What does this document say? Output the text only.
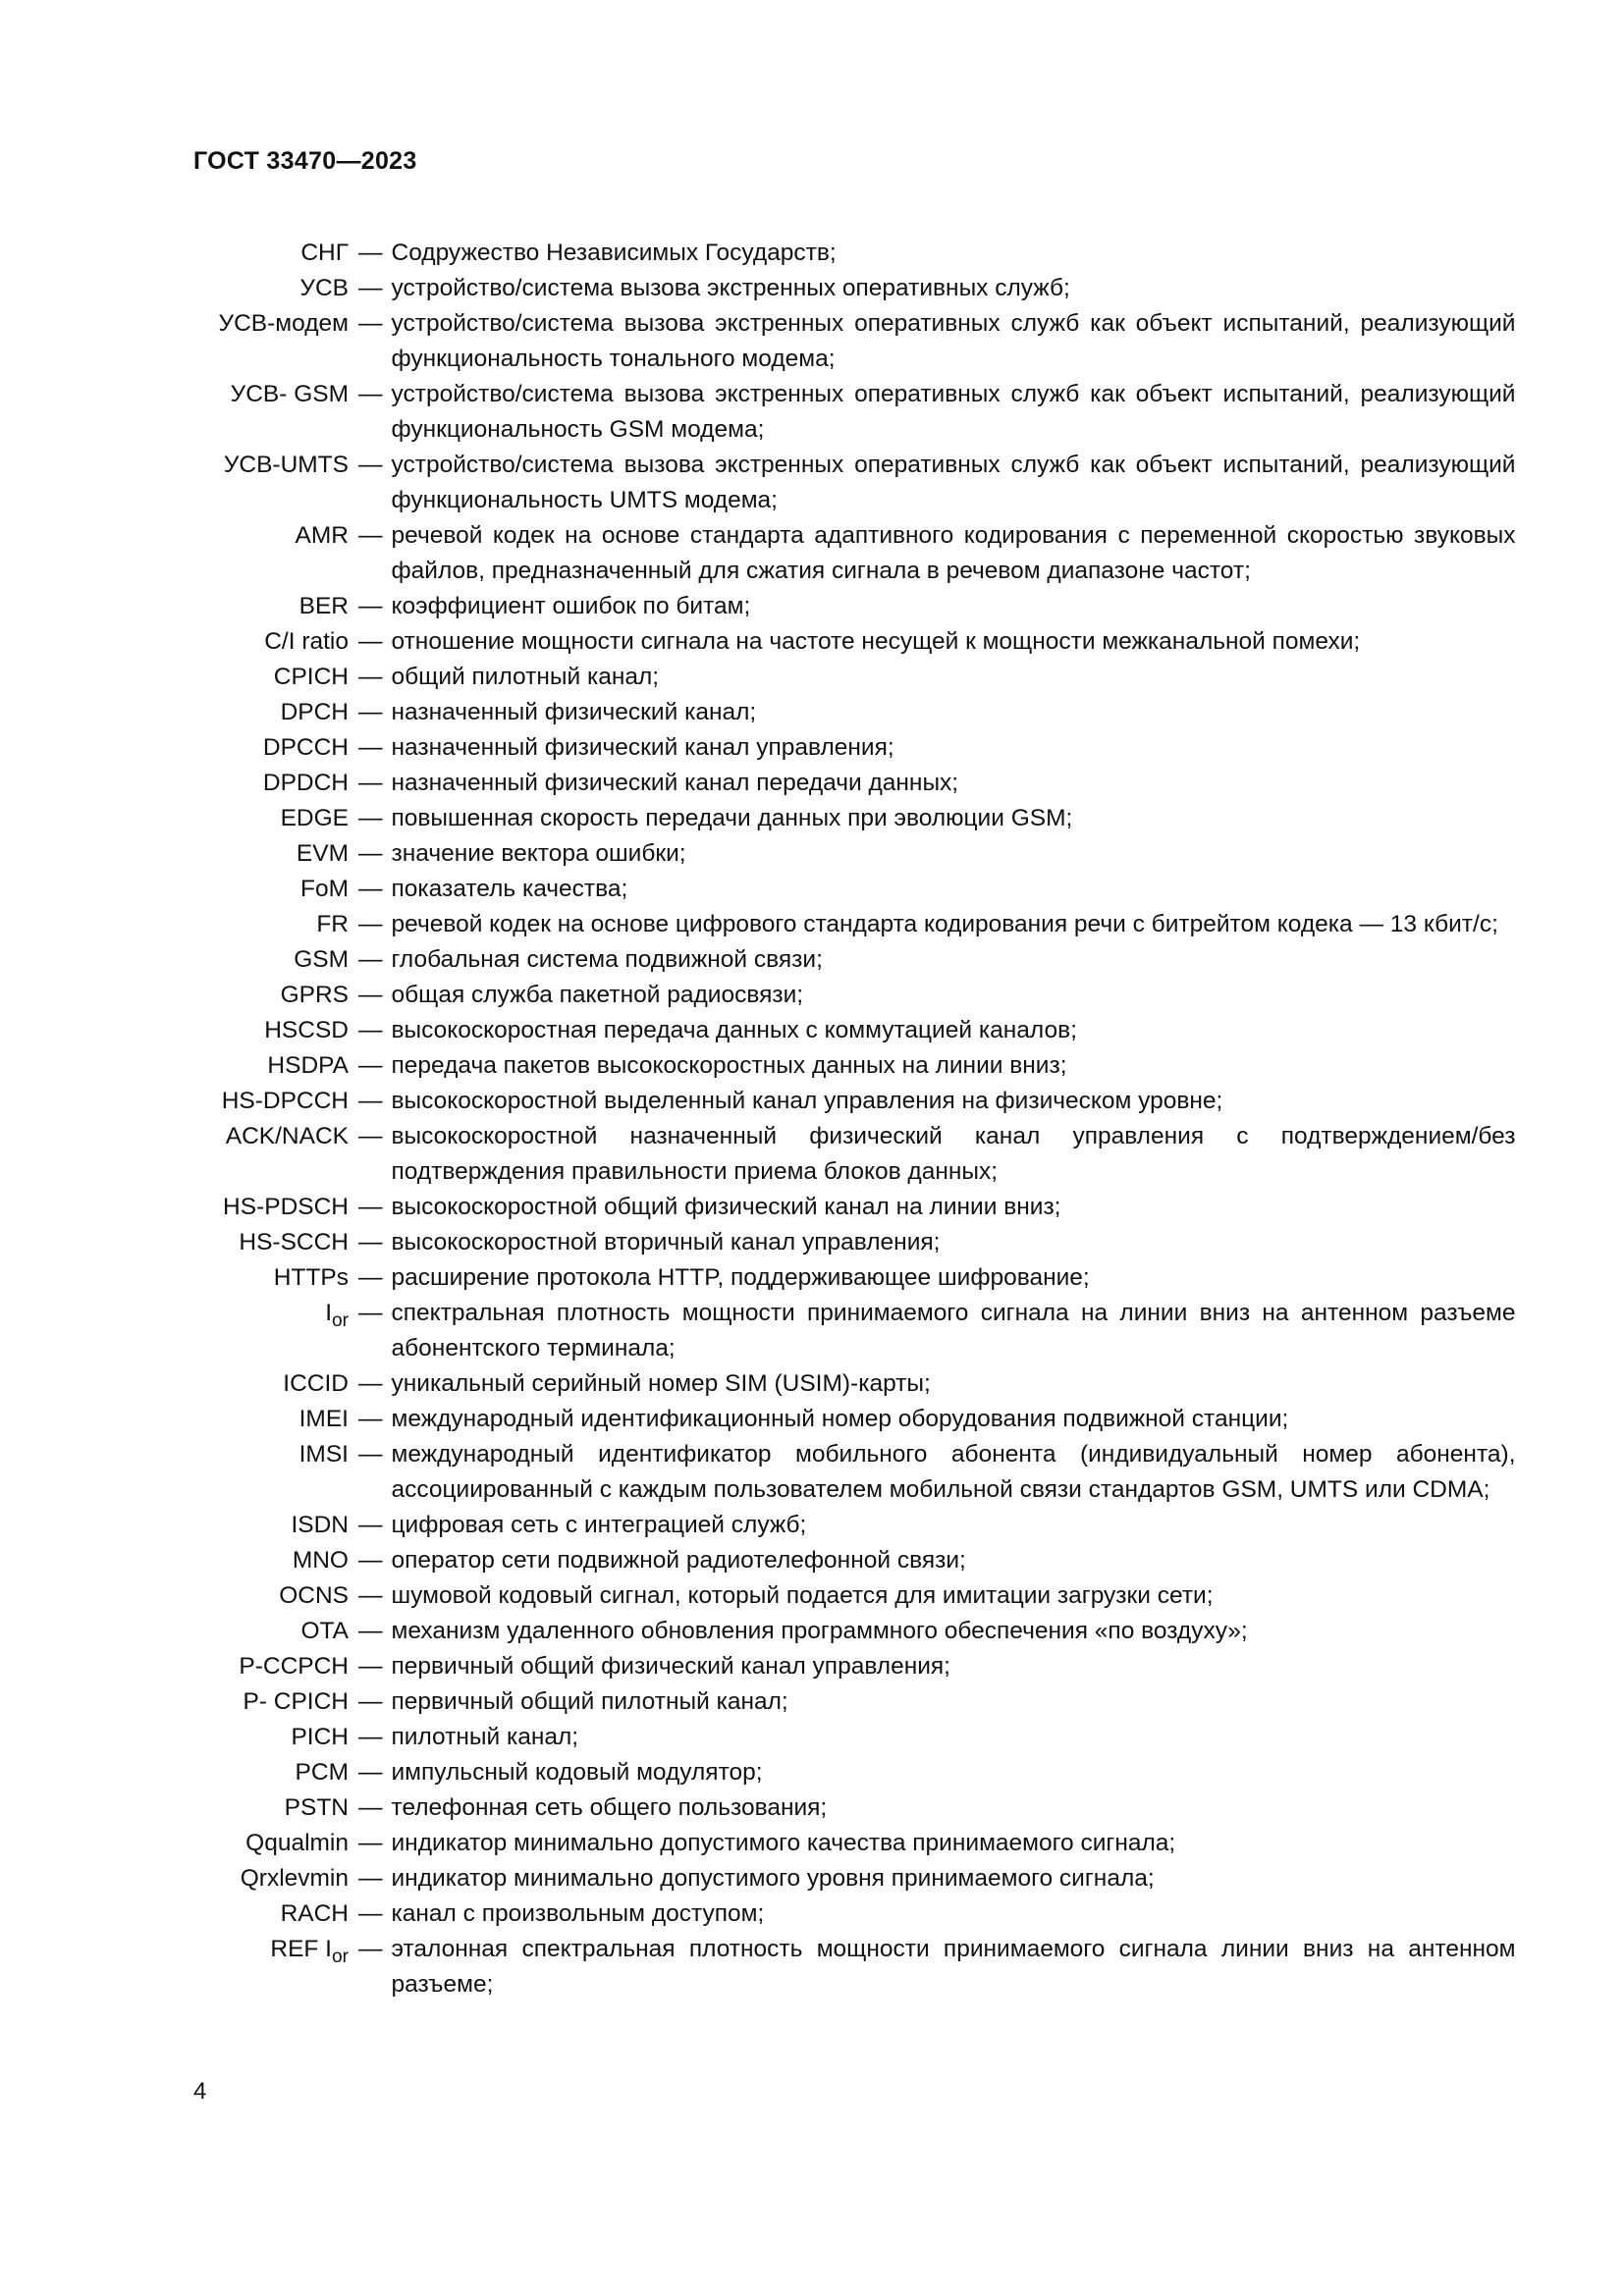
ГОСТ 33470—2023
СНГ — Содружество Независимых Государств;
УСВ — устройство/система вызова экстренных оперативных служб;
УСВ-модем — устройство/система вызова экстренных оперативных служб как объект испытаний, реализующий функциональность тонального модема;
УСВ- GSM — устройство/система вызова экстренных оперативных служб как объект испытаний, реализующий функциональность GSM модема;
УСВ-UMTS — устройство/система вызова экстренных оперативных служб как объект испытаний, реализующий функциональность UMTS модема;
AMR — речевой кодек на основе стандарта адаптивного кодирования с переменной скоростью звуковых файлов, предназначенный для сжатия сигнала в речевом диапазоне частот;
BER — коэффициент ошибок по битам;
C/I ratio — отношение мощности сигнала на частоте несущей к мощности межканальной помехи;
CPICH — общий пилотный канал;
DPCH — назначенный физический канал;
DPCCH — назначенный физический канал управления;
DPDCH — назначенный физический канал передачи данных;
EDGE — повышенная скорость передачи данных при эволюции GSM;
EVM — значение вектора ошибки;
FoM — показатель качества;
FR — речевой кодек на основе цифрового стандарта кодирования речи с битрейтом кодека — 13 кбит/с;
GSM — глобальная система подвижной связи;
GPRS — общая служба пакетной радиосвязи;
HSCSD — высокоскоростная передача данных с коммутацией каналов;
HSDPA — передача пакетов высокоскоростных данных на линии вниз;
HS-DPCCH — высокоскоростной выделенный канал управления на физическом уровне;
ACK/NACK — высокоскоростной назначенный физический канал управления с подтверждением/без подтверждения правильности приема блоков данных;
HS-PDSCH — высокоскоростной общий физический канал на линии вниз;
HS-SCCH — высокоскоростной вторичный канал управления;
HTTPs — расширение протокола HTTP, поддерживающее шифрование;
$I_{or}$ — спектральная плотность мощности принимаемого сигнала на линии вниз на антенном разъеме абонентского терминала;
ICCID — уникальный серийный номер SIM (USIM)-карты;
IMEI — международный идентификационный номер оборудования подвижной станции;
IMSI — международный идентификатор мобильного абонента (индивидуальный номер абонента), ассоциированный с каждым пользователем мобильной связи стандартов GSM, UMTS или CDMA;
ISDN — цифровая сеть с интеграцией служб;
MNO — оператор сети подвижной радиотелефонной связи;
OCNS — шумовой кодовый сигнал, который подается для имитации загрузки сети;
OTA — механизм удаленного обновления программного обеспечения «по воздуху»;
P-CCPCH — первичный общий физический канал управления;
P- CPICH — первичный общий пилотный канал;
PICH — пилотный канал;
PCM — импульсный кодовый модулятор;
PSTN — телефонная сеть общего пользования;
Qqualmin — индикатор минимально допустимого качества принимаемого сигнала;
Qrxlevmin — индикатор минимально допустимого уровня принимаемого сигнала;
RACH — канал с произвольным доступом;
REF $I_{or}$ — эталонная спектральная плотность мощности принимаемого сигнала линии вниз на антенном разъеме;
4
